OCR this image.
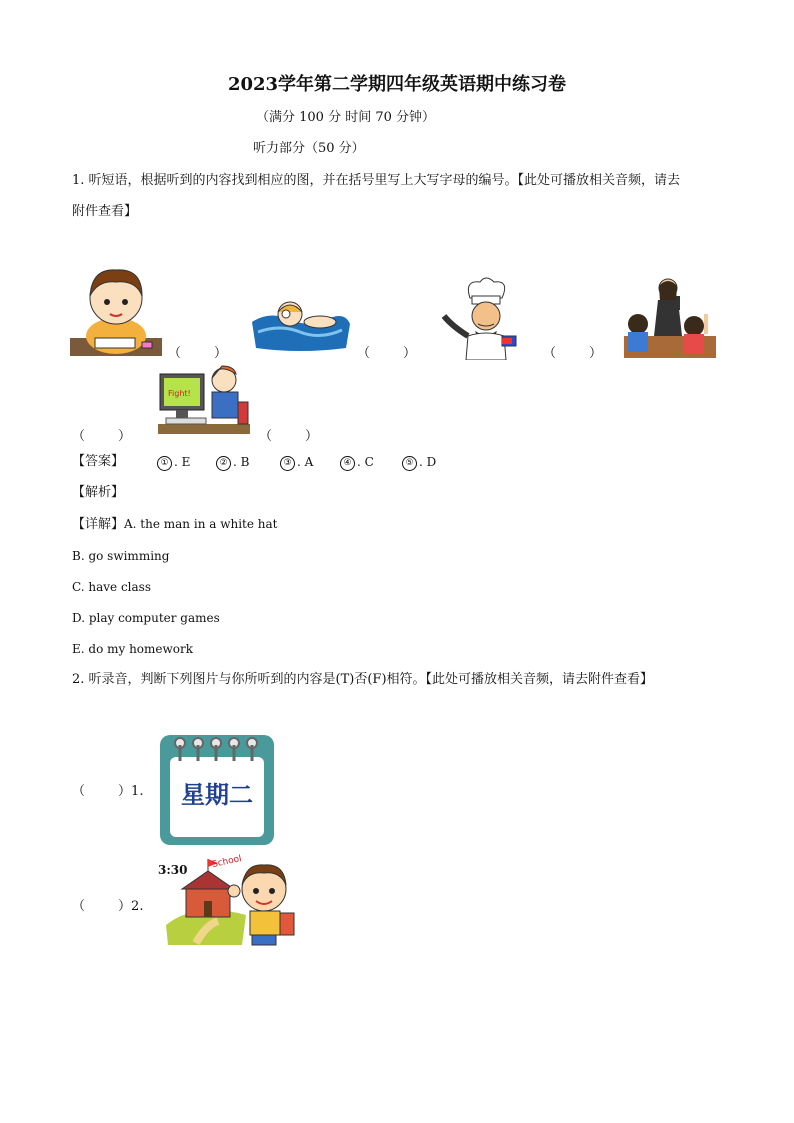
2023学年第二学期四年级英语期中练习卷
（满分 100 分 时间 70 分钟）
听力部分（50 分）
1. 听短语，根据听到的内容找到相应的图，并在括号里写上大写字母的编号。【此处可播放相关音频，请去
附件查看】
（        ）	（        ）	（        ）
Fight!
（        ）	（        ）
【答案】	① . E	② . B	③ . A	④ . C	⑤ . D
【解析】
【详解】A. the man in a white hat
B. go swimming
C. have class
D. play computer games
E. do my homework
2. 听录音，判断下列图片与你所听到的内容是(T)否(F)相符。【此处可播放相关音频，请去附件查看】
（        ）1.	星期二
（        ）2.
3:30
School
